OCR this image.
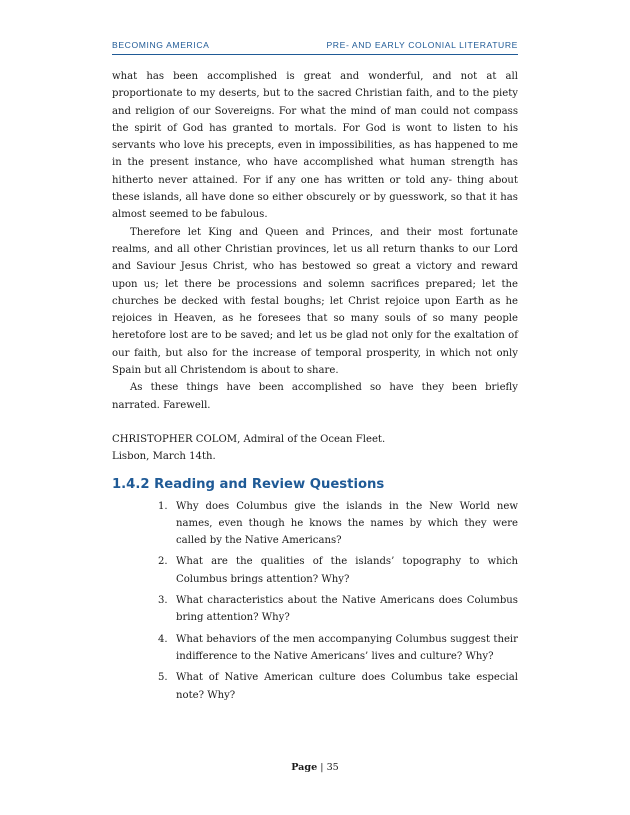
BECOMING AMERICA	PRE- AND EARLY COLONIAL LITERATURE

what has been accomplished is great and wonderful, and not at all proportionate to my deserts, but to the sacred Christian faith, and to the piety and religion of our Sovereigns. For what the mind of man could not compass the spirit of God has granted to mortals. For God is wont to listen to his servants who love his precepts, even in impossibilities, as has happened to me in the present instance, who have accomplished what human strength has hitherto never attained. For if any one has written or told any- thing about these islands, all have done so either obscurely or by guesswork, so that it has almost seemed to be fabulous.

Therefore let King and Queen and Princes, and their most fortunate realms, and all other Christian provinces, let us all return thanks to our Lord and Saviour Jesus Christ, who has bestowed so great a victory and reward upon us; let there be processions and solemn sacrifices prepared; let the churches be decked with festal boughs; let Christ rejoice upon Earth as he rejoices in Heaven, as he foresees that so many souls of so many people heretofore lost are to be saved; and let us be glad not only for the exaltation of our faith, but also for the increase of temporal prosperity, in which not only Spain but all Christendom is about to share.

As these things have been accomplished so have they been briefly narrated. Farewell.

CHRISTOPHER COLOM, Admiral of the Ocean Fleet.

Lisbon, March 14th.

1.4.2 Reading and Review Questions
1. Why does Columbus give the islands in the New World new names, even though he knows the names by which they were called by the Native Americans?
2. What are the qualities of the islands’ topography to which Columbus brings attention? Why?
3. What characteristics about the Native Americans does Columbus bring attention? Why?
4. What behaviors of the men accompanying Columbus suggest their indifference to the Native Americans’ lives and culture? Why?
5. What of Native American culture does Columbus take especial note? Why?
Page | 35
